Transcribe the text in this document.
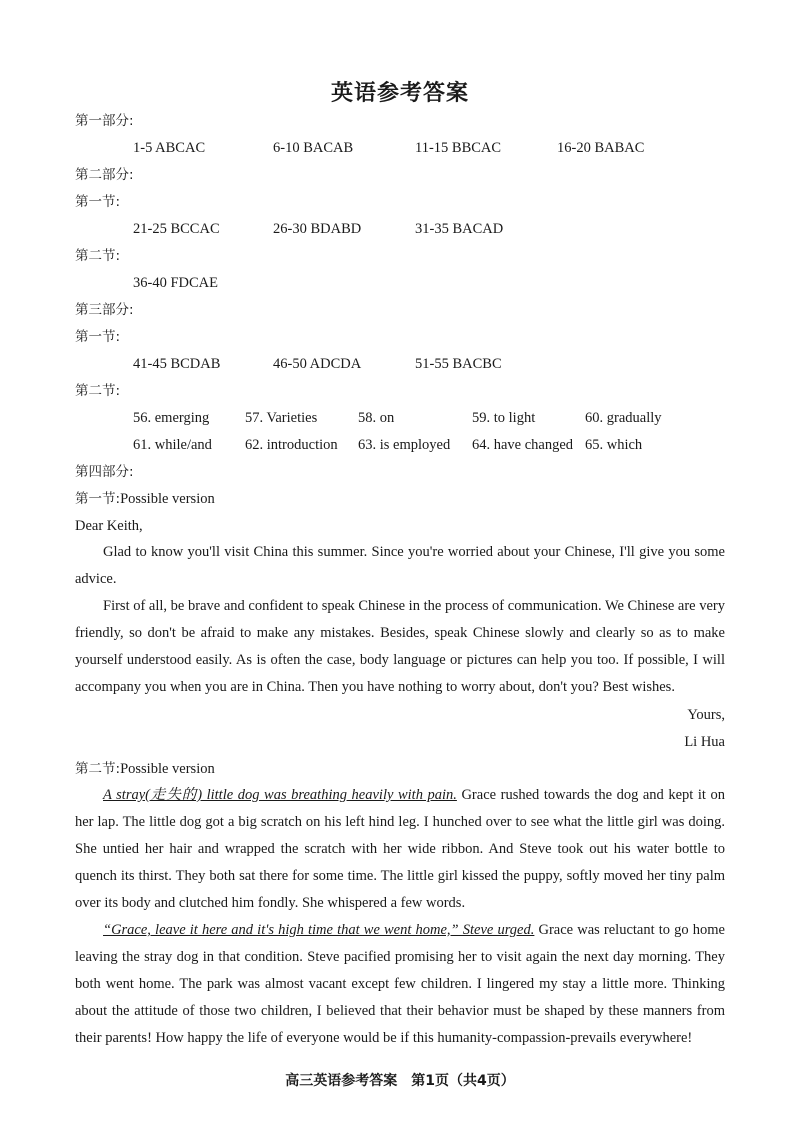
英语参考答案
第一部分:
1-5 ABCAC	6-10 BACAB	11-15 BBCAC	16-20 BABAC
第二部分:
第一节:
21-25 BCCAC	26-30 BDABD	31-35 BACAD
第二节:
36-40 FDCAE
第三部分:
第一节:
41-45 BCDAB	46-50 ADCDA	51-55 BACBC
第二节:
56. emerging 57. Varieties	58. on	59. to light	60. gradually
61. while/and 62. introduction 63. is employed 64. have changed 65. which
第四部分:
第一节:Possible version
Dear Keith,
Glad to know you'll visit China this summer. Since you're worried about your Chinese, I'll give you some advice.
First of all, be brave and confident to speak Chinese in the process of communication. We Chinese are very friendly, so don't be afraid to make any mistakes. Besides, speak Chinese slowly and clearly so as to make yourself understood easily. As is often the case, body language or pictures can help you too. If possible, I will accompany you when you are in China. Then you have nothing to worry about, don't you? Best wishes.
Yours,
Li Hua
第二节:Possible version
A stray(走失的) little dog was breathing heavily with pain. Grace rushed towards the dog and kept it on her lap. The little dog got a big scratch on his left hind leg. I hunched over to see what the little girl was doing. She untied her hair and wrapped the scratch with her wide ribbon. And Steve took out his water bottle to quench its thirst. They both sat there for some time. The little girl kissed the puppy, softly moved her tiny palm over its body and clutched him fondly. She whispered a few words.
“Grace, leave it here and it's high time that we went home,” Steve urged. Grace was reluctant to go home leaving the stray dog in that condition. Steve pacified promising her to visit again the next day morning. They both went home. The park was almost vacant except few children. I lingered my stay a little more. Thinking about the attitude of those two children, I believed that their behavior must be shaped by these manners from their parents! How happy the life of everyone would be if this humanity-compassion-prevails everywhere!
高三英语参考答案　第1页（共4页）
